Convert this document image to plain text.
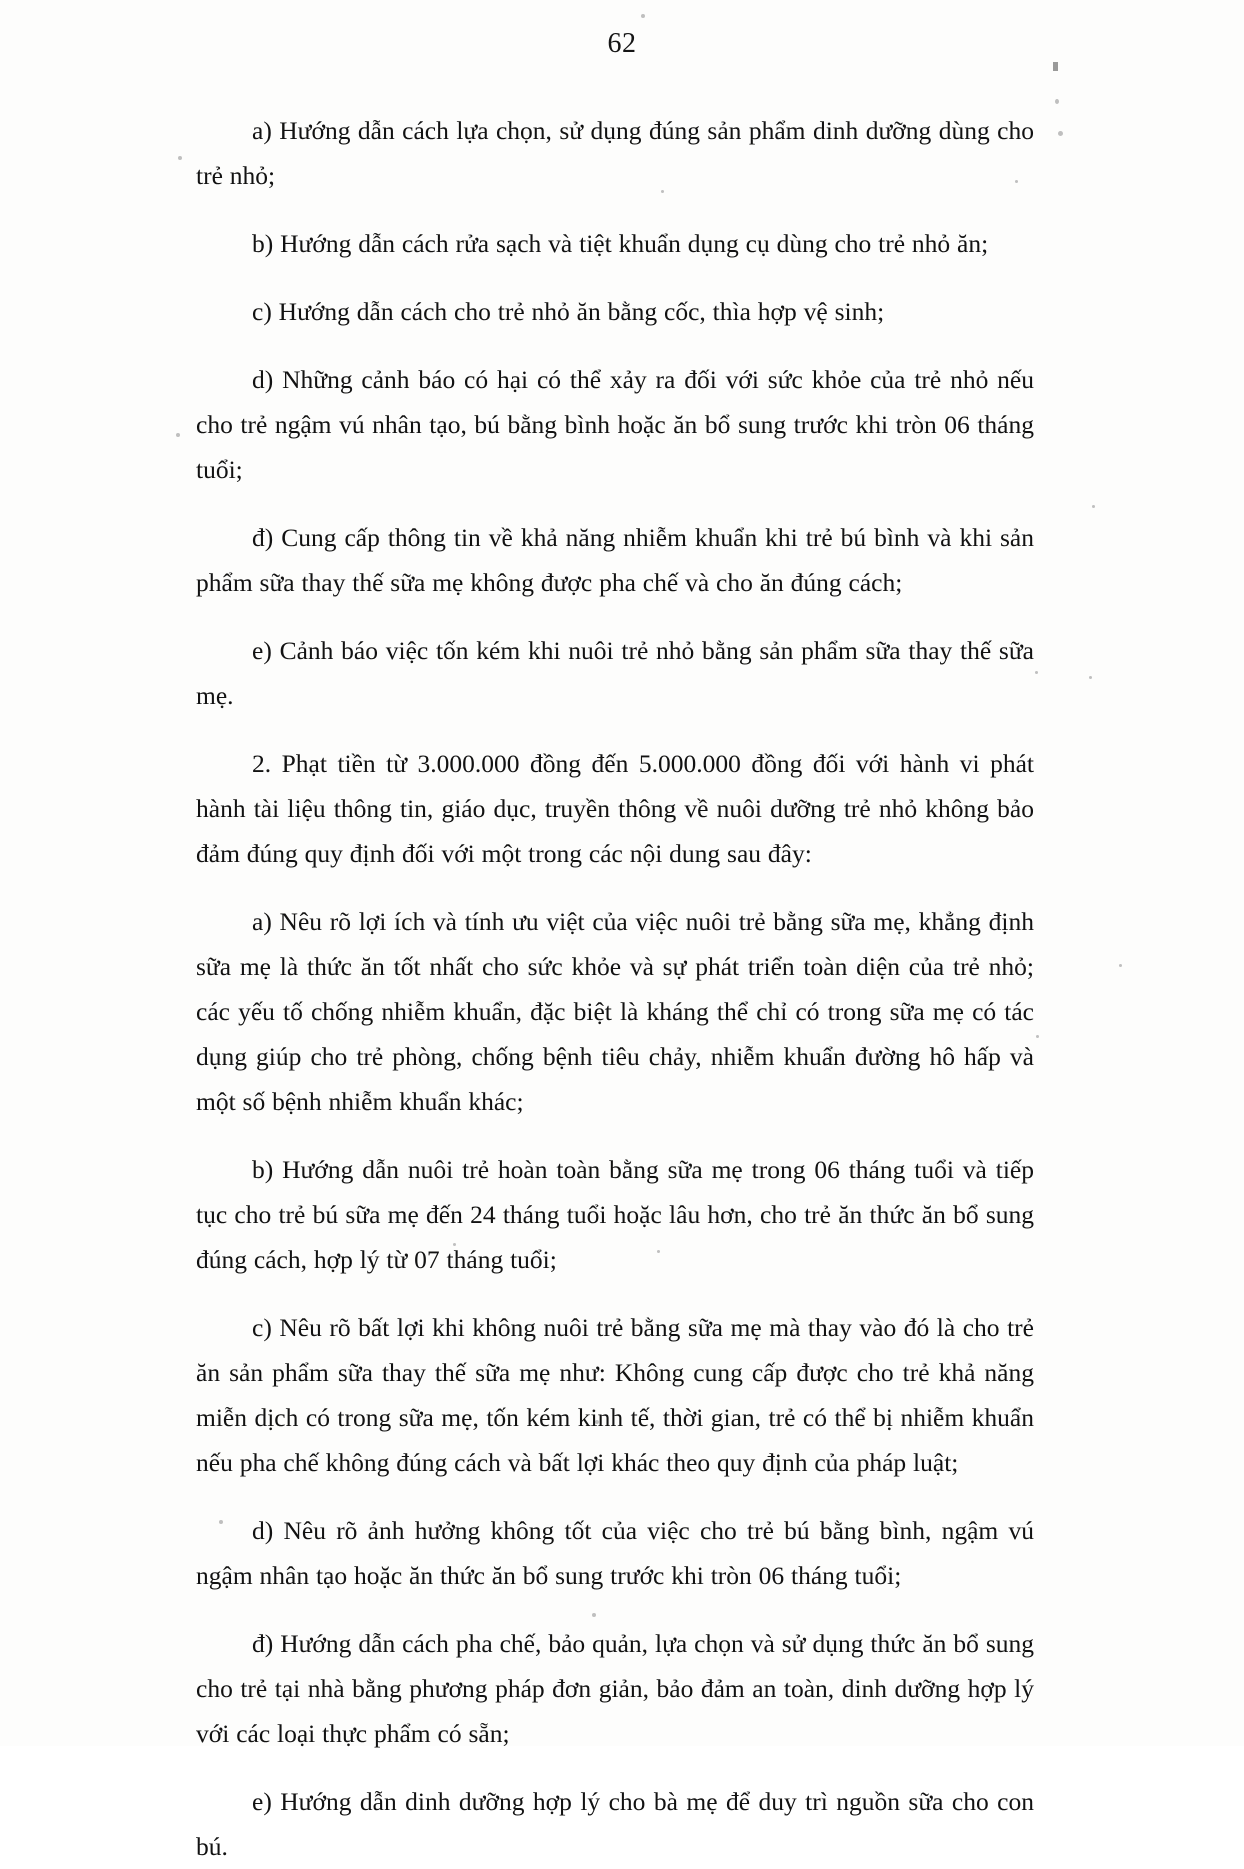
62

a) Hướng dẫn cách lựa chọn, sử dụng đúng sản phẩm dinh dưỡng dùng cho trẻ nhỏ;

b) Hướng dẫn cách rửa sạch và tiệt khuẩn dụng cụ dùng cho trẻ nhỏ ăn;

c) Hướng dẫn cách cho trẻ nhỏ ăn bằng cốc, thìa hợp vệ sinh;

d) Những cảnh báo có hại có thể xảy ra đối với sức khỏe của trẻ nhỏ nếu cho trẻ ngậm vú nhân tạo, bú bằng bình hoặc ăn bổ sung trước khi tròn 06 tháng tuổi;

đ) Cung cấp thông tin về khả năng nhiễm khuẩn khi trẻ bú bình và khi sản phẩm sữa thay thế sữa mẹ không được pha chế và cho ăn đúng cách;

e) Cảnh báo việc tốn kém khi nuôi trẻ nhỏ bằng sản phẩm sữa thay thế sữa mẹ.

2. Phạt tiền từ 3.000.000 đồng đến 5.000.000 đồng đối với hành vi phát hành tài liệu thông tin, giáo dục, truyền thông về nuôi dưỡng trẻ nhỏ không bảo đảm đúng quy định đối với một trong các nội dung sau đây:

a) Nêu rõ lợi ích và tính ưu việt của việc nuôi trẻ bằng sữa mẹ, khẳng định sữa mẹ là thức ăn tốt nhất cho sức khỏe và sự phát triển toàn diện của trẻ nhỏ; các yếu tố chống nhiễm khuẩn, đặc biệt là kháng thể chỉ có trong sữa mẹ có tác dụng giúp cho trẻ phòng, chống bệnh tiêu chảy, nhiễm khuẩn đường hô hấp và một số bệnh nhiễm khuẩn khác;

b) Hướng dẫn nuôi trẻ hoàn toàn bằng sữa mẹ trong 06 tháng tuổi và tiếp tục cho trẻ bú sữa mẹ đến 24 tháng tuổi hoặc lâu hơn, cho trẻ ăn thức ăn bổ sung đúng cách, hợp lý từ 07 tháng tuổi;

c) Nêu rõ bất lợi khi không nuôi trẻ bằng sữa mẹ mà thay vào đó là cho trẻ ăn sản phẩm sữa thay thế sữa mẹ như: Không cung cấp được cho trẻ khả năng miễn dịch có trong sữa mẹ, tốn kém kinh tế, thời gian, trẻ có thể bị nhiễm khuẩn nếu pha chế không đúng cách và bất lợi khác theo quy định của pháp luật;

d) Nêu rõ ảnh hưởng không tốt của việc cho trẻ bú bằng bình, ngậm vú ngậm nhân tạo hoặc ăn thức ăn bổ sung trước khi tròn 06 tháng tuổi;

đ) Hướng dẫn cách pha chế, bảo quản, lựa chọn và sử dụng thức ăn bổ sung cho trẻ tại nhà bằng phương pháp đơn giản, bảo đảm an toàn, dinh dưỡng hợp lý với các loại thực phẩm có sẵn;

e) Hướng dẫn dinh dưỡng hợp lý cho bà mẹ để duy trì nguồn sữa cho con bú.
